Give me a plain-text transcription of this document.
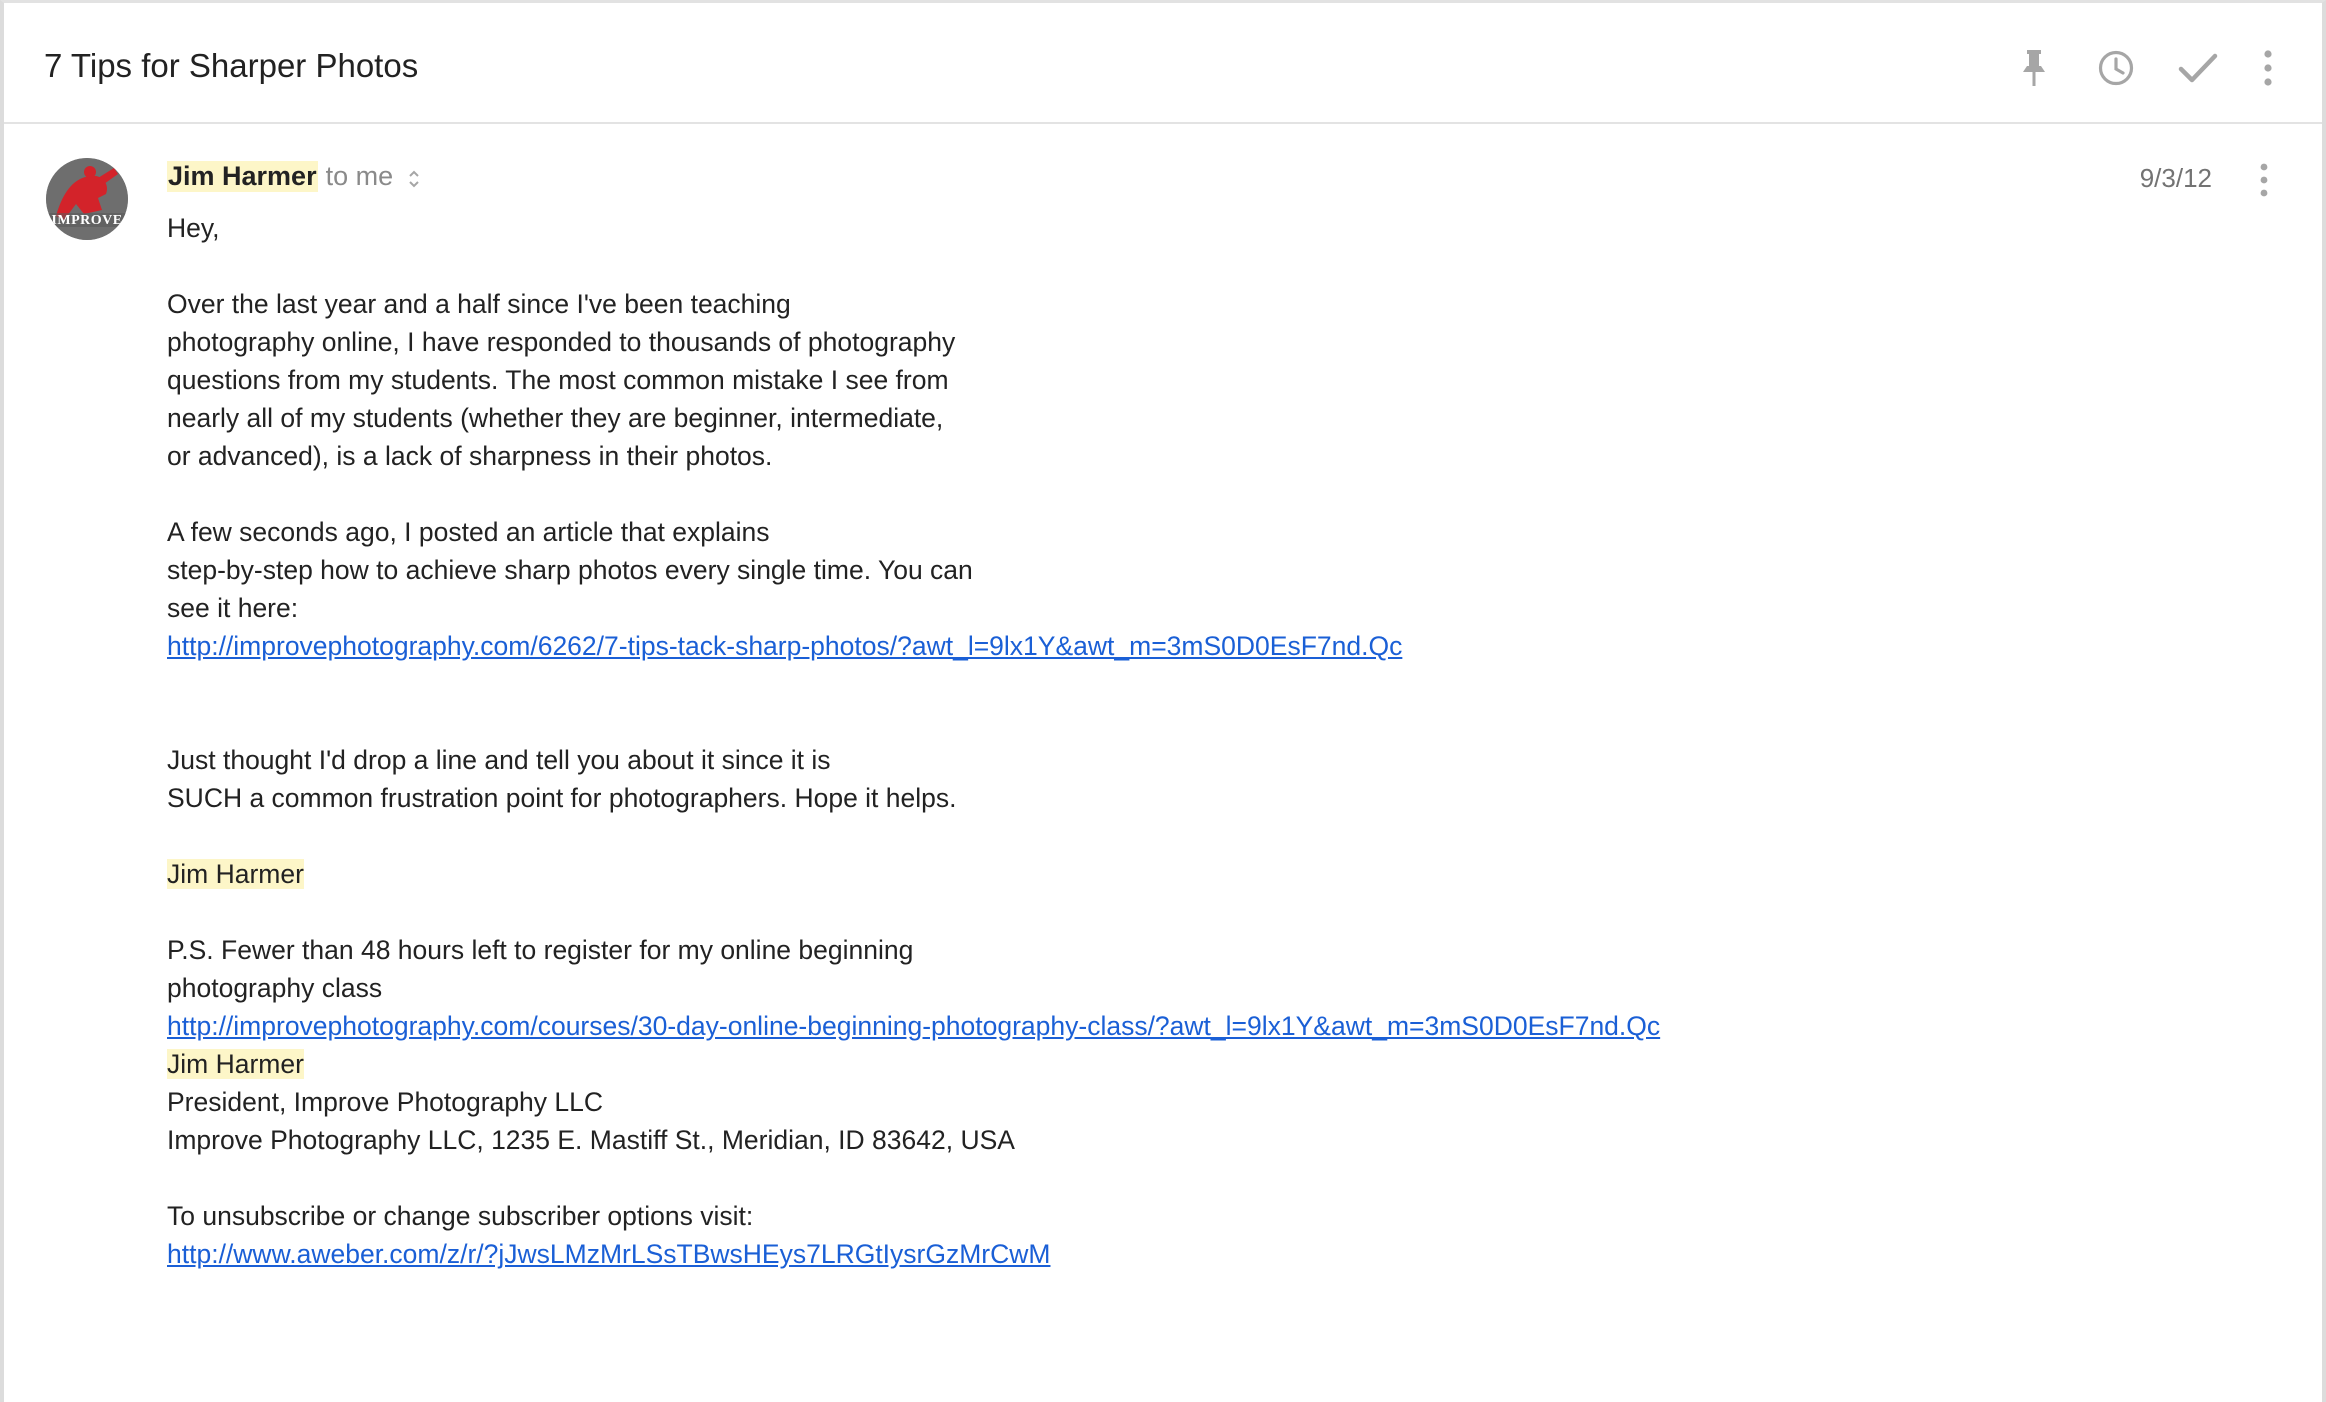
7 Tips for Sharper Photos
IMPROVE
Jim Harmer to me	9/3/12
Hey,
Over the last year and a half since I've been teaching
photography online, I have responded to thousands of photography
questions from my students. The most common mistake I see from
nearly all of my students (whether they are beginner, intermediate,
or advanced), is a lack of sharpness in their photos.
A few seconds ago, I posted an article that explains
step-by-step how to achieve sharp photos every single time. You can
see it here:
http://improvephotography.com/6262/7-tips-tack-sharp-photos/?awt_l=9lx1Y&awt_m=3mS0D0EsF7nd.Qc
Just thought I'd drop a line and tell you about it since it is
SUCH a common frustration point for photographers. Hope it helps.
Jim Harmer
P.S. Fewer than 48 hours left to register for my online beginning
photography class
http://improvephotography.com/courses/30-day-online-beginning-photography-class/?awt_l=9lx1Y&awt_m=3mS0D0EsF7nd.Qc
Jim Harmer
President, Improve Photography LLC
Improve Photography LLC, 1235 E. Mastiff St., Meridian, ID 83642, USA
To unsubscribe or change subscriber options visit:
http://www.aweber.com/z/r/?jJwsLMzMrLSsTBwsHEys7LRGtIysrGzMrCwM
